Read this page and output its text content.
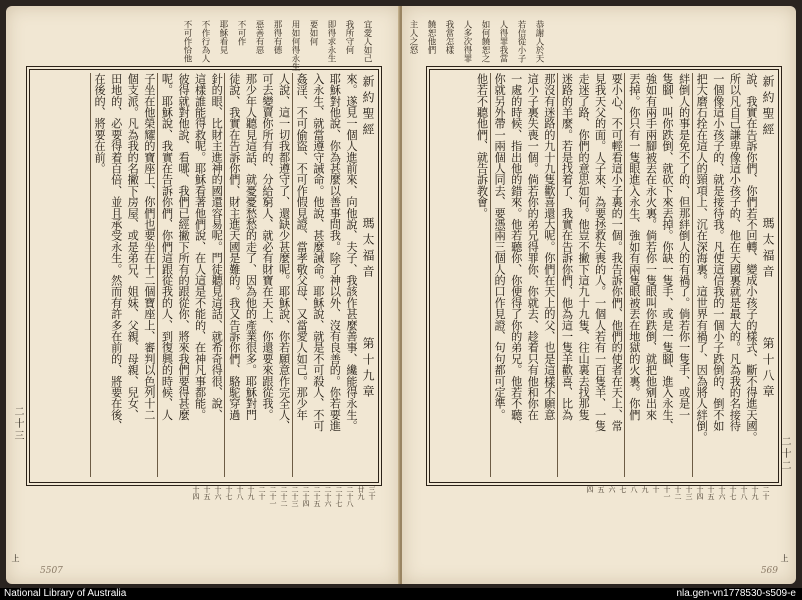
宜愛人如己
我所守何
即得求永生
要如何
用如何得永生
那得有德
惡善有惡
不可作
耶穌看見
不作行為人
不可作恰他
新約聖經
瑪太福音
第十九章
來。遂見一個人進前來、向他說、夫子、我該作甚麼善事、纔能得永生。
耶穌對他說、你為甚麼以善事問我。除了神以外、沒有良善的。你若要進
入永生、就當遵守誡命。他說、甚麼誡命。耶穌說、就是不可殺人、不可
姦淫、不可偷盜、不可作假見證、當孝敬父母、又當愛人如己。那少年
人說、這一切我都遵守了、還缺少甚麼呢。耶穌說、你若願意作完全人、
可去變賣你所有的、分給窮人、就必有財寶在天上、你還要來跟從我。
那少年人聽見這話、就憂憂愁愁的走了、因為他的產業很多。耶穌對門
徒說、我實在告訴你們、財主進天國是難的。我又告訴你們、駱駝穿過
針的眼、比財主進神的國還容易呢。門徒聽見這話、就希奇得很、說、
這樣誰能得救呢。耶穌看著他們說、在人這是不能的、在神凡事都能。
彼得就對他說、看哪、我們已經撇下所有的跟從你、將來我們要得甚麼
呢。耶穌說、我實在告訴你們、你們這跟從我的人、到復興的時候、人
子坐在他榮耀的寶座上、你們也要坐在十二個寶座上、審判以色列十二
個支派。凡為我的名撇下房屋、或是弟兄、姐妹、父親、母親、兒女、
田地的、必要得着百倍、並且承受永生。然而有許多在前的、將要在後、
在後的、將要在前。
二十三
三十
廿九
二十八
二十七
二十六
二十五
二十四
二十三
二十二
二十一
二十
十九
十八
十七
十六
十五
十四
上
5507
恭謝人於天
若信從小子
人得罪我當
如何饒恕之
人多次得罪
我當怎樣
饒恕他們
主人之怒
新約聖經
瑪太福音
第十八章
說、我實在告訴你們、你們若不回轉、變成小孩子的樣式、斷不得進天國。
所以凡自己謙卑像這小孩子的、他在天國裏就是最大的。凡為我的名接待
一個像這小孩子的、就是接待我。凡使這信我的一個小子跌倒的、倒不如
把大磨石拴在這人的頸項上、沉在深海裏。這世界有禍了、因為將人絆倒。
絆倒人的事是免不了的、但那絆倒人的有禍了。倘若你一隻手、或是一
隻腳、叫你跌倒、就砍下來丟掉。你缺一隻手、或是一隻腳、進入永生、
強如有兩手兩腳被丟在永火裏。倘若你一隻眼叫你跌倒、就把他剜出來
丟掉。你只有一隻眼進入永生、強如有兩隻眼被丟在地獄的火裏。你們
要小心、不可輕看這小子裏的一個。我告訴你們、他們的使者在天上、常
見我天父的面。人子來、為要拯救失喪的人。一個人若有一百隻羊、一隻
走迷了路、你們的意思如何。他豈不撇下這九十九隻、往山裏去找那隻
迷路的羊麼。若是找着了、我實在告訴你們、他為這一隻羊歡喜、比為
那沒有迷路的九十九隻歡喜還大呢。你們在天上的父、也是這樣不願意
這小子裏失喪一個。倘若你的弟兄得罪你、你就去、趁着只有他和你在
一處的時候、指出他的錯來。他若聽你、你便得了你的弟兄。他若不聽、
你就另外帶一兩個人同去、要憑兩三個人的口作見證、句句都可定準。
他若不聽他們、就告訴教會。
二十二
二十
十九
十八
十七
十六
十五
十四
十三
十二
十一
十
九
八
七
六
五
四
上
569
National Library of Australia	nla.gen-vn1778530-s509-e
